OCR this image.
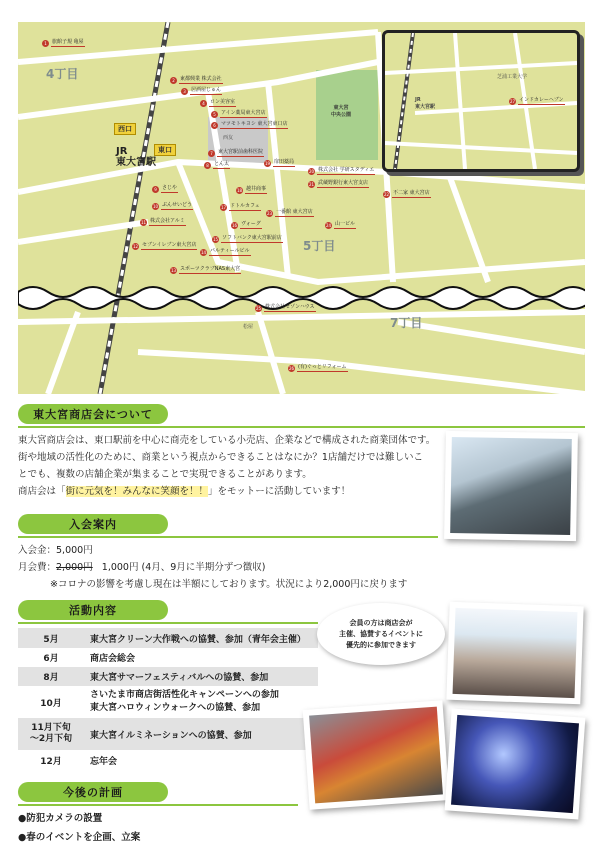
4丁目
5丁目
7丁目
JR
東大宮駅
西口
東口
西友
東大宮
中央公園
松屋
1	旅館子規 亀屋
2	東都興業 株式会社
3	居酒屋じゅん
4	ロン美容室
5	アイン薬局東大宮店
6	マツモトキヨシ 東大宮東口店
7	東大宮駅前歯科医院
8	とん太
9	さじや
10 ぶんせいどう
11 株式会社アルミ
12 セブンイレブン東大宮店
13 スポーツクラブNAS東大宮
14 パルティールビル
15 ソフトバンク東大宮駅前店
16 ヴォーグ
17 ドトルカフェ
18 越井商事
19 扉田薬局
20 株式会社 学研スタディエ
21 武蔵野銀行東大宮支店
22 不二家 東大宮店
23 一番館 東大宮店
24 山一ビル
25 株式会社セゾンハウス
26 (有)ぐっとリフォーム
JR
東大宮駅
芝浦工業大学
27 インドカレーヘブン
東大宮商店会について
東大宮商店会は、東口駅前を中心に商売をしている小売店、企業などで構成された商業団体です。
街や地域の活性化のために、商業という視点からできることはなにか？1店舗だけでは難しいこ
とでも、複数の店舗企業が集まることで実現できることがあります。
商店会は「街に元気を！みんなに笑顔を！！」をモットーに活動しています！
入会案内
入会金：5,000円
月会費：2,000円 1,000円 (4月、9月に半期分ずつ徴収)
※コロナの影響を考慮し現在は半額にしております。状況により2,000円に戻ります
活動内容
5月	東大宮クリーン大作戦への協賛、参加（青年会主催）
6月	商店会総会
8月	東大宮サマーフェスティバルへの協賛、参加
10月	さいたま市商店街活性化キャンペーンへの参加
東大宮ハロウィンウォークへの協賛、参加
11月下旬
〜2月下旬	東大宮イルミネーションへの協賛、参加
12月	忘年会
会員の方は商店会が
主催、協賛するイベントに
優先的に参加できます
今後の計画
●防犯カメラの設置
●春のイベントを企画、立案
